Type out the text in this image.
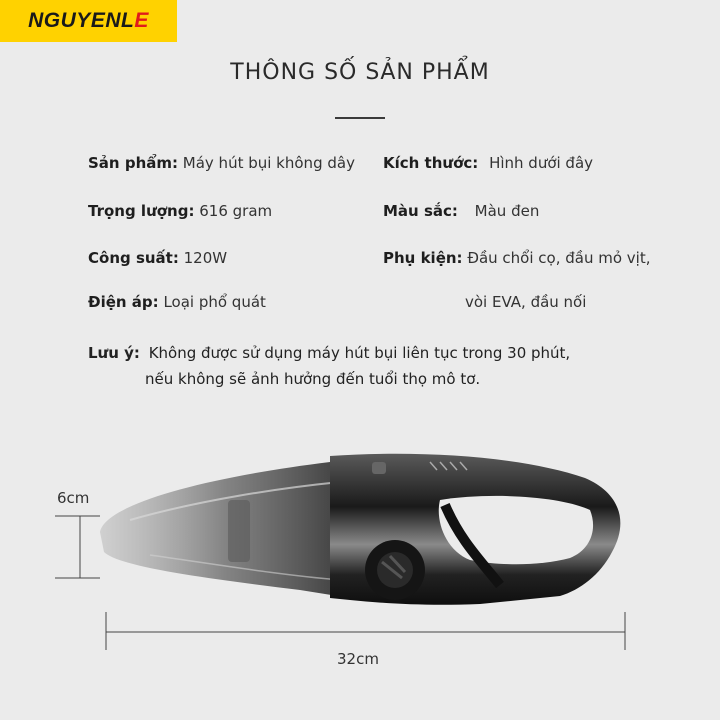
NGUYENL E
THÔNG SỐ SẢN PHẨM
Sản phẩm: Máy hút bụi không dây Kích thước: Hình dưới đây
Trọng lượng: 616 gram	Màu sắc: Màu đen
Công suất: 120W	Phụ kiện: Đầu chổi cọ, đầu mỏ vịt,
Điện áp: Loại phổ quát	vòi EVA, đầu nối
Lưu ý: Không được sử dụng máy hút bụi liên tục trong 30 phút,
nếu không sẽ ảnh hưởng đến tuổi thọ mô tơ.
6cm
32cm
